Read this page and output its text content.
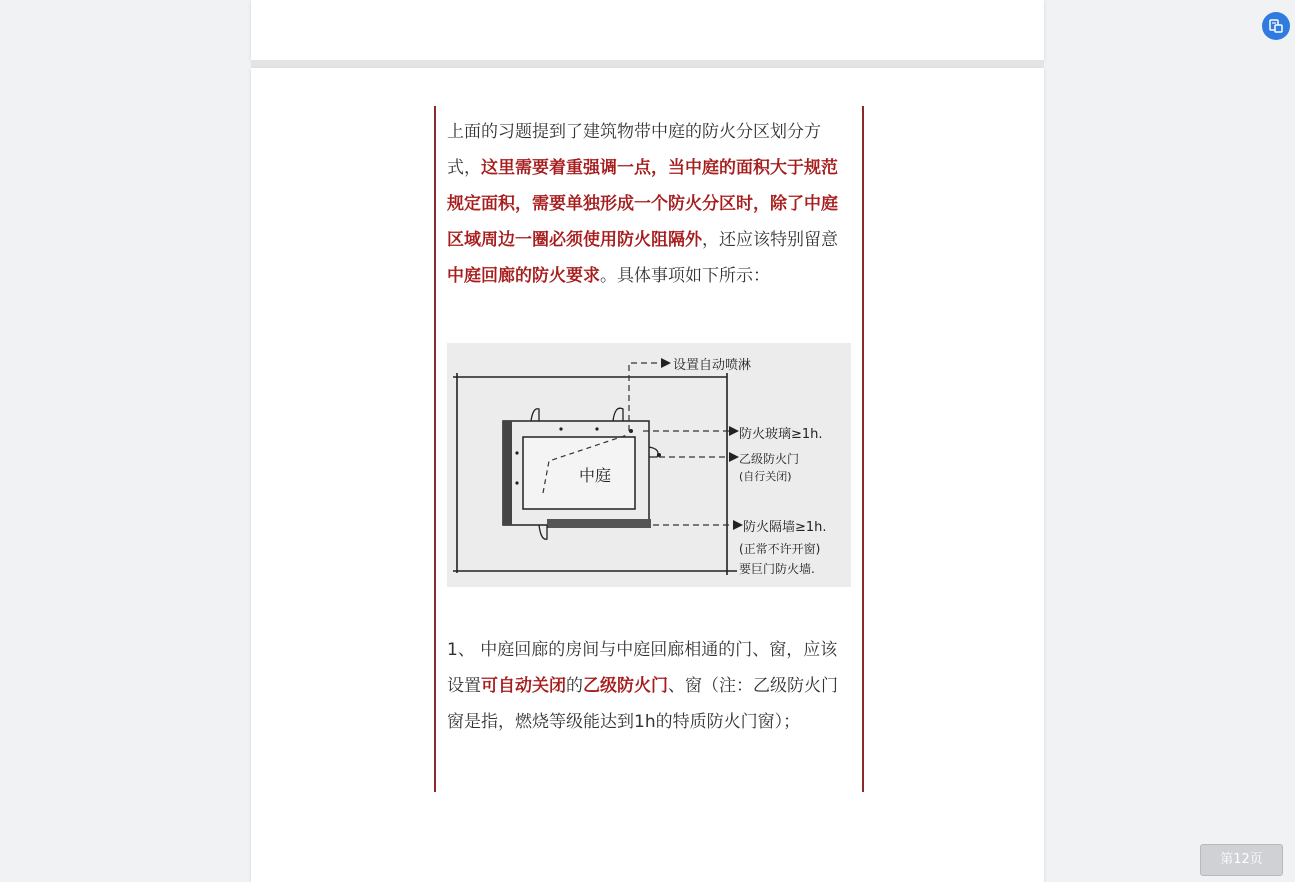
上面的习题提到了建筑物带中庭的防火分区划分方式，这里需要着重强调一点，当中庭的面积大于规范规定面积，需要单独形成一个防火分区时，除了中庭区域周边一圈必须使用防火阻隔外，还应该特别留意中庭回廊的防火要求。具体事项如下所示：

中庭
设置自动喷淋
防火玻璃≥1h.
乙级防火门
(自行关闭)
防火隔墙≥1h.
(正常不许开窗)
要巨门防火墙.

1、 中庭回廊的房间与中庭回廊相通的门、窗，应该设置可自动关闭的乙级防火门、窗（注：乙级防火门窗是指，燃烧等级能达到1h的特质防火门窗）；

第12页
